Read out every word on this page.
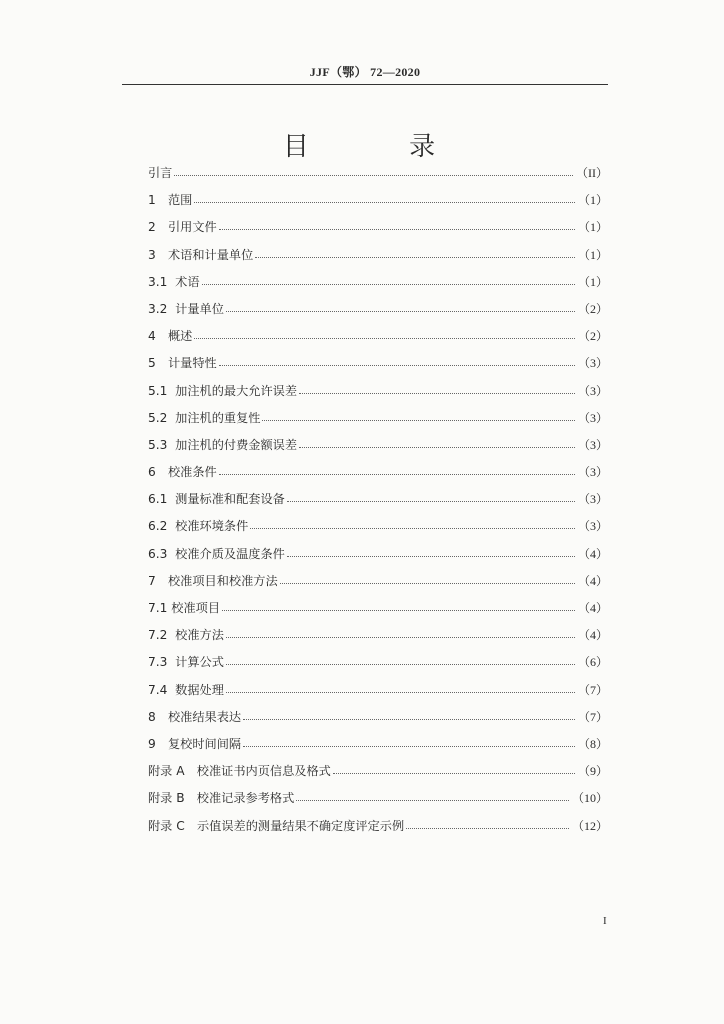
JJF（鄂） 72—2020
目 录
引言	（II）
1　范围	（1）
2　引用文件	（1）
3　术语和计量单位	（1）
3.1  术语	（1）
3.2  计量单位	（2）
4　概述	（2）
5　计量特性	（3）
5.1  加注机的最大允许误差	（3）
5.2  加注机的重复性	（3）
5.3  加注机的付费金额误差	（3）
6　校准条件	（3）
6.1  测量标准和配套设备	（3）
6.2  校准环境条件	（3）
6.3  校准介质及温度条件	（4）
7　校准项目和校准方法	（4）
7.1 校准项目	（4）
7.2  校准方法	（4）
7.3  计算公式	（6）
7.4  数据处理	（7）
8　校准结果表达	（7）
9　复校时间间隔	（8）
附录 A　校准证书内页信息及格式	（9）
附录 B　校准记录参考格式	（10）
附录 C　示值误差的测量结果不确定度评定示例	（12）
I
